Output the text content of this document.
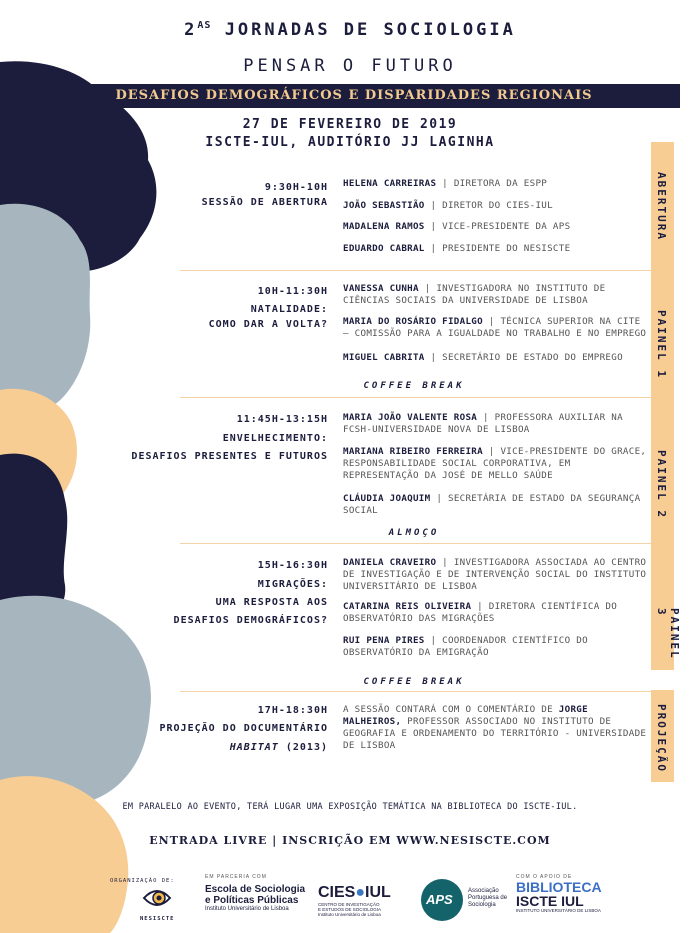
$2^{AS}$ JORNADAS DE SOCIOLOGIA
PENSAR O FUTURO
DESAFIOS DEMOGRÁFICOS E DISPARIDADES REGIONAIS
27 DE FEVEREIRO DE 2019
ISCTE-IUL, AUDITÓRIO JJ LAGINHA
ABERTURA
PAINEL 1
PAINEL 2
PAINEL 3
PROJEÇÃO
9:30H-10H
SESSÃO DE ABERTURA
HELENA CARREIRAS | DIRETORA DA ESPP
JOÃO SEBASTIÃO | DIRETOR DO CIES-IUL
MADALENA RAMOS | VICE-PRESIDENTE DA APS
EDUARDO CABRAL | PRESIDENTE DO NESISCTE
10H-11:30H
NATALIDADE:
COMO DAR A VOLTA?
VANESSA CUNHA | INVESTIGADORA NO INSTITUTO DE CIÊNCIAS SOCIAIS DA UNIVERSIDADE DE LISBOA
MARIA DO ROSÁRIO FIDALGO | TÉCNICA SUPERIOR NA CITE – COMISSÃO PARA A IGUALDADE NO TRABALHO E NO EMPREGO
MIGUEL CABRITA | SECRETÁRIO DE ESTADO DO EMPREGO
COFFEE BREAK
11:45H-13:15H
ENVELHECIMENTO:
DESAFIOS PRESENTES E FUTUROS
MARIA JOÃO VALENTE ROSA | PROFESSORA AUXILIAR NA FCSH-UNIVERSIDADE NOVA DE LISBOA
MARIANA RIBEIRO FERREIRA | VICE-PRESIDENTE DO GRACE, RESPONSABILIDADE SOCIAL CORPORATIVA, EM REPRESENTAÇÃO DA JOSÉ DE MELLO SAÚDE
CLÁUDIA JOAQUIM | SECRETÁRIA DE ESTADO DA SEGURANÇA SOCIAL
ALMOÇO
15H-16:30H
MIGRAÇÕES:
UMA RESPOSTA AOS
DESAFIOS DEMOGRÁFICOS?
DANIELA CRAVEIRO | INVESTIGADORA ASSOCIADA AO CENTRO DE INVESTIGAÇÃO E DE INTERVENÇÃO SOCIAL DO INSTITUTO UNIVERSITÁRIO DE LISBOA
CATARINA REIS OLIVEIRA | DIRETORA CIENTÍFICA DO OBSERVATÓRIO DAS MIGRAÇÕES
RUI PENA PIRES | COORDENADOR CIENTÍFICO DO OBSERVATÓRIO DA EMIGRAÇÃO
COFFEE BREAK
17H-18:30H
PROJEÇÃO DO DOCUMENTÁRIO
HABITAT (2013)
A SESSÃO CONTARÁ COM O COMENTÁRIO DE JORGE MALHEIROS, PROFESSOR ASSOCIADO NO INSTITUTO DE GEOGRAFIA E ORDENAMENTO DO TERRITÓRIO - UNIVERSIDADE DE LISBOA
EM PARALELO AO EVENTO, TERÁ LUGAR UMA EXPOSIÇÃO TEMÁTICA NA BIBLIOTECA DO ISCTE-IUL.
ENTRADA LIVRE | INSCRIÇÃO EM WWW.NESISCTE.COM
ORGANIZAÇÃO DE:
NESISCTE
EM PARCERIA COM
Escola de Sociologia
e Políticas Públicas
Instituto Universitário de Lisboa
CIES●IUL
CENTRO DE INVESTIGAÇÃO
E ESTUDOS DE SOCIOLOGIA
Instituto Universitário de Lisboa
APS
Associação
Portuguesa de
Sociologia
COM O APOIO DE
BIBLIOTECA
ISCTE IUL
INSTITUTO UNIVERSITÁRIO DE LISBOA
